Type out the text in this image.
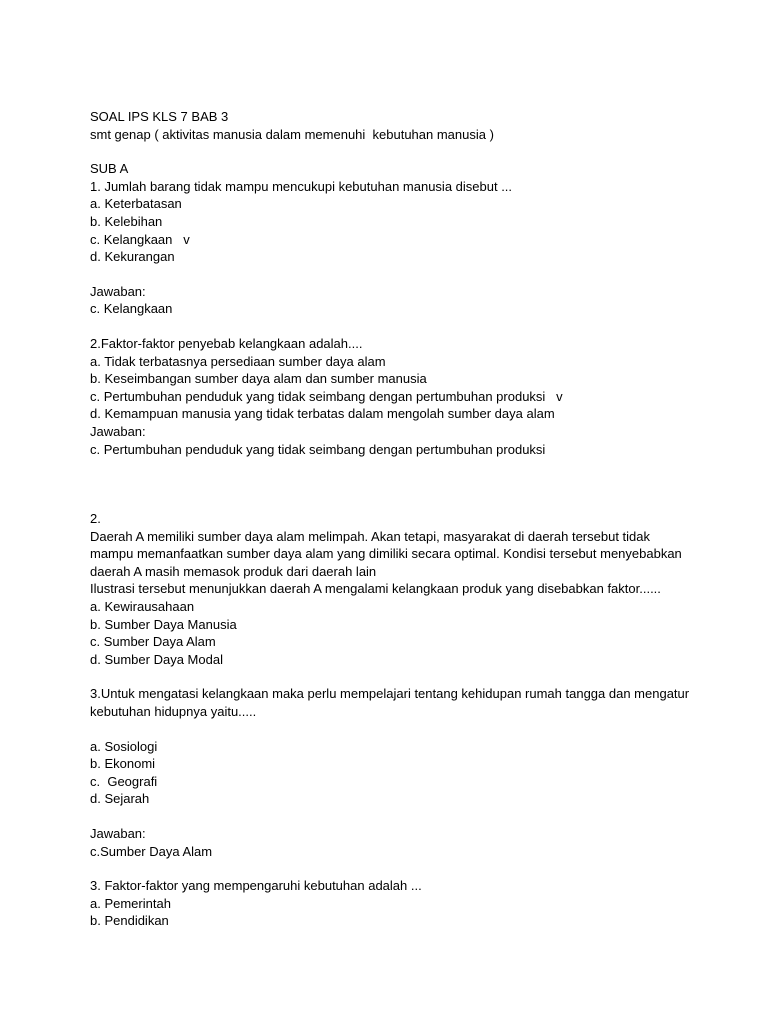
SOAL IPS KLS 7 BAB 3

smt genap ( aktivitas manusia dalam memenuhi  kebutuhan manusia )

SUB A

1. Jumlah barang tidak mampu mencukupi kebutuhan manusia disebut ...

a. Keterbatasan

b. Kelebihan

c. Kelangkaan   v

d. Kekurangan

Jawaban:

c. Kelangkaan

2.Faktor-faktor penyebab kelangkaan adalah....

a. Tidak terbatasnya persediaan sumber daya alam

b. Keseimbangan sumber daya alam dan sumber manusia

c. Pertumbuhan penduduk yang tidak seimbang dengan pertumbuhan produksi   v

d. Kemampuan manusia yang tidak terbatas dalam mengolah sumber daya alam

Jawaban:

c. Pertumbuhan penduduk yang tidak seimbang dengan pertumbuhan produksi

2.

Daerah A memiliki sumber daya alam melimpah. Akan tetapi, masyarakat di daerah tersebut tidak

mampu memanfaatkan sumber daya alam yang dimiliki secara optimal. Kondisi tersebut menyebabkan

daerah A masih memasok produk dari daerah lain

Ilustrasi tersebut menunjukkan daerah A mengalami kelangkaan produk yang disebabkan faktor......

a. Kewirausahaan

b. Sumber Daya Manusia

c. Sumber Daya Alam

d. Sumber Daya Modal

3.Untuk mengatasi kelangkaan maka perlu mempelajari tentang kehidupan rumah tangga dan mengatur

kebutuhan hidupnya yaitu.....

a. Sosiologi

b. Ekonomi

c.  Geografi

d. Sejarah

Jawaban:

c.Sumber Daya Alam

3. Faktor-faktor yang mempengaruhi kebutuhan adalah ...

a. Pemerintah

b. Pendidikan
